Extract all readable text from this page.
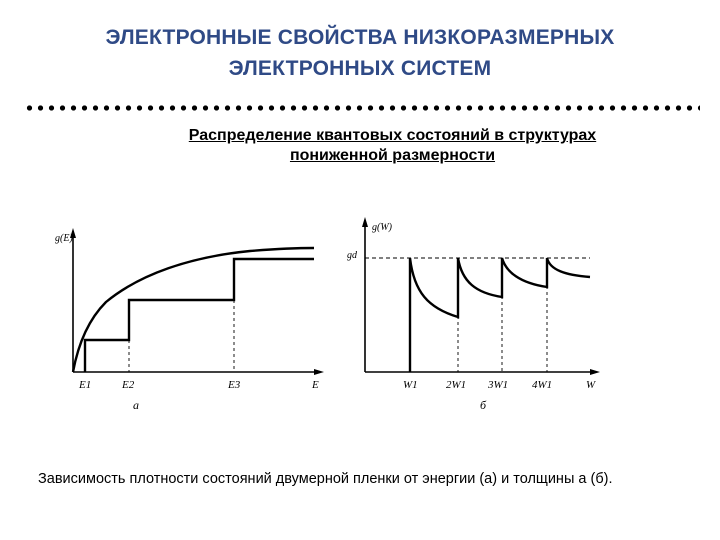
ЭЛЕКТРОННЫЕ СВОЙСТВА НИЗКОРАЗМЕРНЫХ
ЭЛЕКТРОННЫХ СИСТЕМ
Распределение квантовых состояний в структурах
пониженной размерности
g(E)
E1	E2	E3	E
а
g(W)
gd
W1	2W1 3W1 4W1	W
б
Зависимость плотности состояний двумерной пленки от энергии (а) и толщины а (б).
